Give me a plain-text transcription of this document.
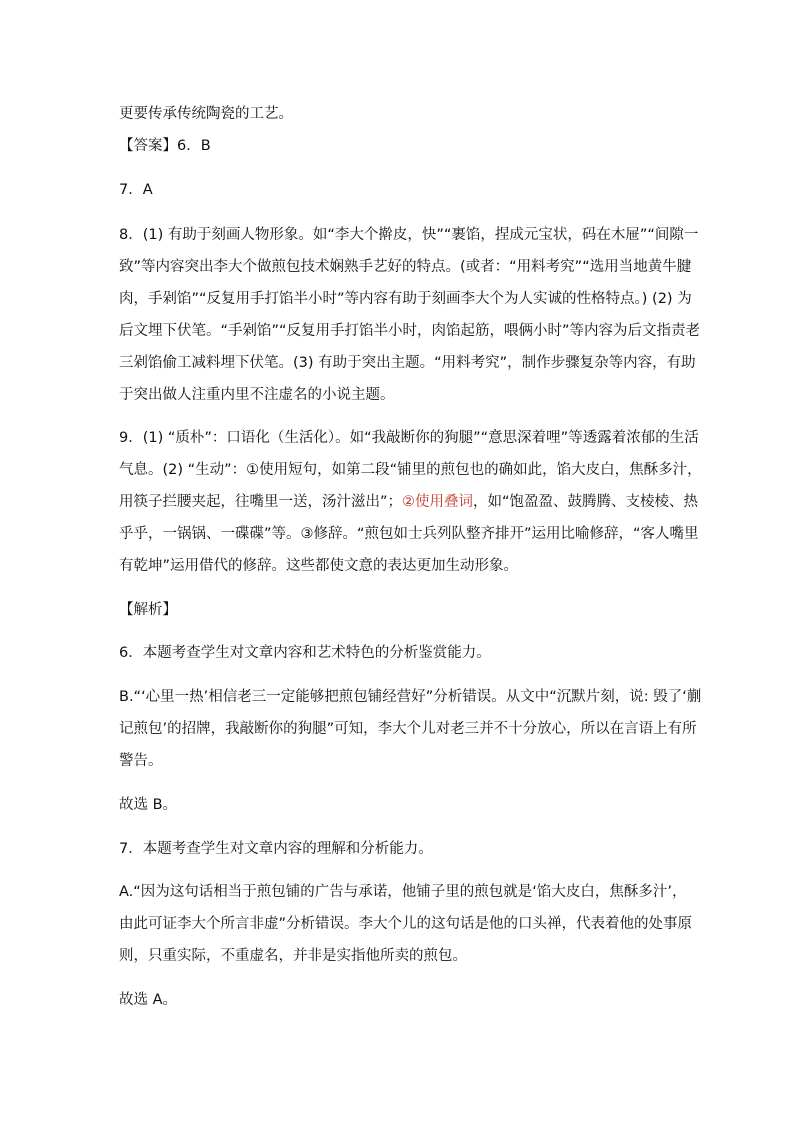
更要传承传统陶瓷的工艺。
【答案】6．B
7．A
8．(1) 有助于刻画人物形象。如“李大个擀皮，快”“裹馅，捏成元宝状，码在木屉”“间隙一
致”等内容突出李大个做煎包技术娴熟手艺好的特点。(或者：“用料考究”“选用当地黄牛腱
肉，手剁馅”“反复用手打馅半小时”等内容有助于刻画李大个为人实诚的性格特点。) (2) 为
后文埋下伏笔。“手剁馅”“反复用手打馅半小时，肉馅起筋，喂俩小时”等内容为后文指责老
三剁馅偷工减料埋下伏笔。(3) 有助于突出主题。“用料考究”，制作步骤复杂等内容，有助
于突出做人注重内里不注虚名的小说主题。
9．(1) “质朴”：口语化（生活化）。如“我敲断你的狗腿”“意思深着哩”等透露着浓郁的生活
气息。(2) “生动”：①使用短句，如第二段“铺里的煎包也的确如此，馅大皮白，焦酥多汁，
用筷子拦腰夹起，往嘴里一送，汤汁滋出”；②使用叠词，如“饱盈盈、鼓腾腾、支棱棱、热
乎乎，一锅锅、一碟碟”等。③修辞。“煎包如士兵列队整齐排开”运用比喻修辞，“客人嘴里
有乾坤”运用借代的修辞。这些都使文意的表达更加生动形象。
【解析】
6．本题考查学生对文章内容和艺术特色的分析鉴赏能力。
B.“‘心里一热’相信老三一定能够把煎包铺经营好”分析错误。从文中“沉默片刻，说: 毁了‘蒯
记煎包’的招牌，我敲断你的狗腿”可知，李大个儿对老三并不十分放心，所以在言语上有所
警告。
故选 B。
7．本题考查学生对文章内容的理解和分析能力。
A.“因为这句话相当于煎包铺的广告与承诺，他铺子里的煎包就是‘馅大皮白，焦酥多汁’，
由此可证李大个所言非虚”分析错误。李大个儿的这句话是他的口头禅，代表着他的处事原
则，只重实际，不重虚名，并非是实指他所卖的煎包。
故选 A。
